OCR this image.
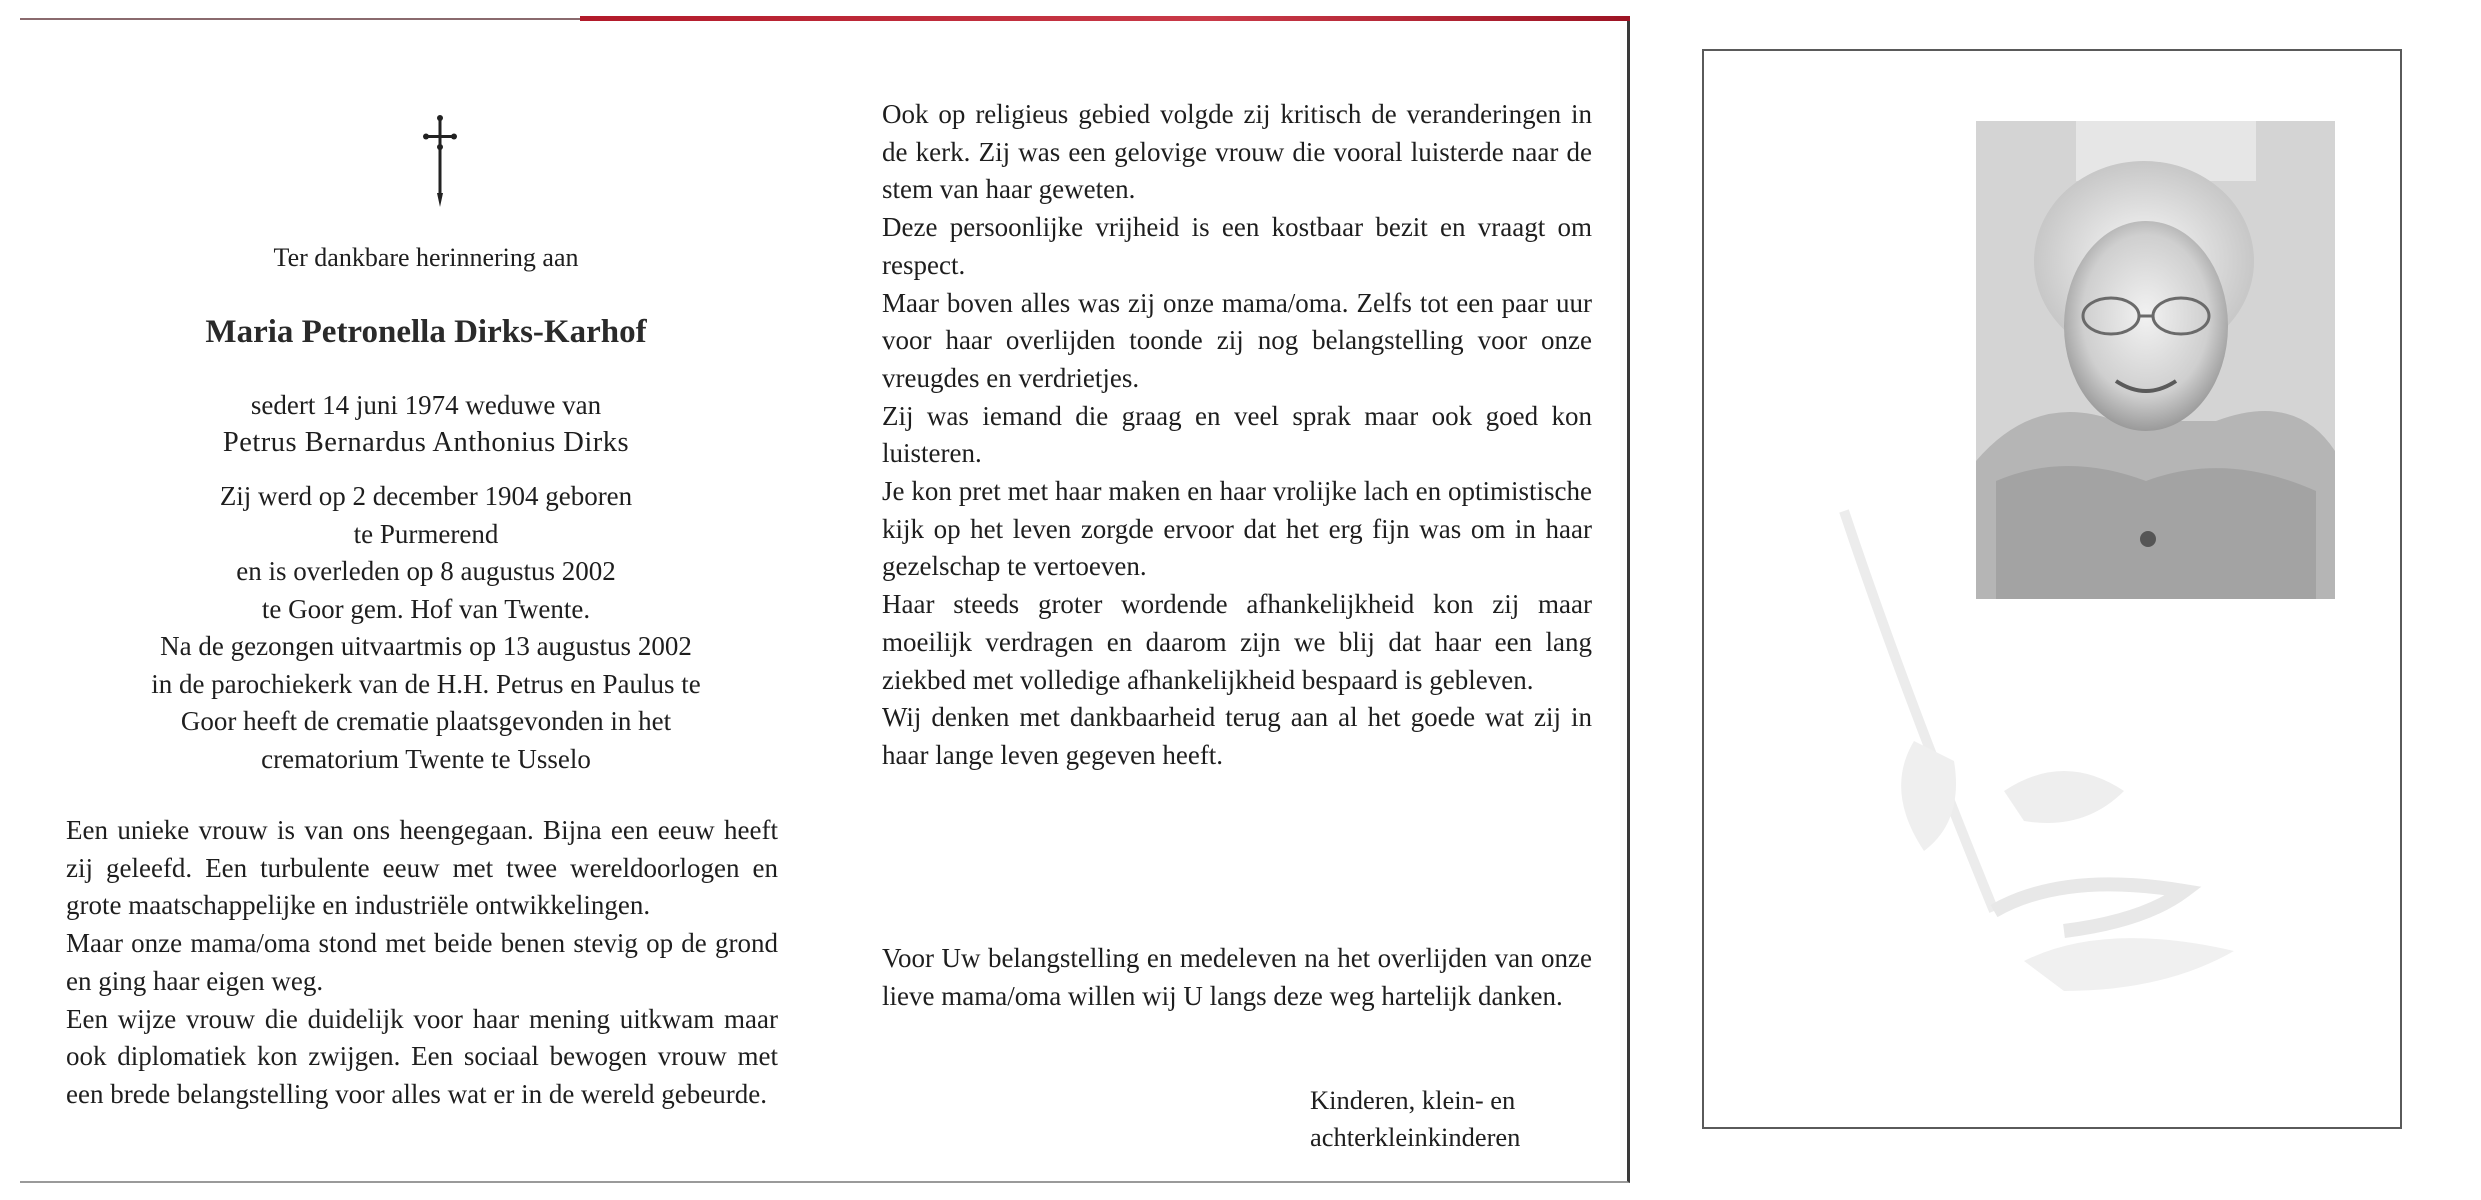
Ter dankbare herinnering aan
Maria Petronella Dirks-Karhof
sedert 14 juni 1974 weduwe van
Petrus Bernardus Anthonius Dirks
Zij werd op 2 december 1904 geboren
te Purmerend
en is overleden op 8 augustus 2002
te Goor gem. Hof van Twente.
Na de gezongen uitvaartmis op 13 augustus 2002
in de parochiekerk van de H.H. Petrus en Paulus te
Goor heeft de crematie plaatsgevonden in het
crematorium Twente te Usselo

Een unieke vrouw is van ons heengegaan. Bijna een eeuw heeft zij geleefd. Een turbulente eeuw met twee wereldoorlogen en grote maatschappelijke en industriële ontwikkelingen.

Maar onze mama/oma stond met beide benen stevig op de grond en ging haar eigen weg.

Een wijze vrouw die duidelijk voor haar mening uitkwam maar ook diplomatiek kon zwijgen. Een sociaal bewogen vrouw met een brede belangstelling voor alles wat er in de wereld gebeurde.

Ook op religieus gebied volgde zij kritisch de veranderingen in de kerk. Zij was een gelovige vrouw die vooral luisterde naar de stem van haar geweten.

Deze persoonlijke vrijheid is een kostbaar bezit en vraagt om respect.

Maar boven alles was zij onze mama/oma. Zelfs tot een paar uur voor haar overlijden toonde zij nog belangstelling voor onze vreugdes en verdrietjes.

Zij was iemand die graag en veel sprak maar ook goed kon luisteren.

Je kon pret met haar maken en haar vrolijke lach en optimistische kijk op het leven zorgde ervoor dat het erg fijn was om in haar gezelschap te vertoeven.

Haar steeds groter wordende afhankelijkheid kon zij maar moeilijk verdragen en daarom zijn we blij dat haar een lang ziekbed met volledige afhankelijkheid bespaard is gebleven.

Wij denken met dankbaarheid terug aan al het goede wat zij in haar lange leven gegeven heeft.

Voor Uw belangstelling en medeleven na het overlijden van onze lieve mama/oma willen wij U langs deze weg hartelijk danken.

Kinderen, klein- en
achterkleinkinderen
